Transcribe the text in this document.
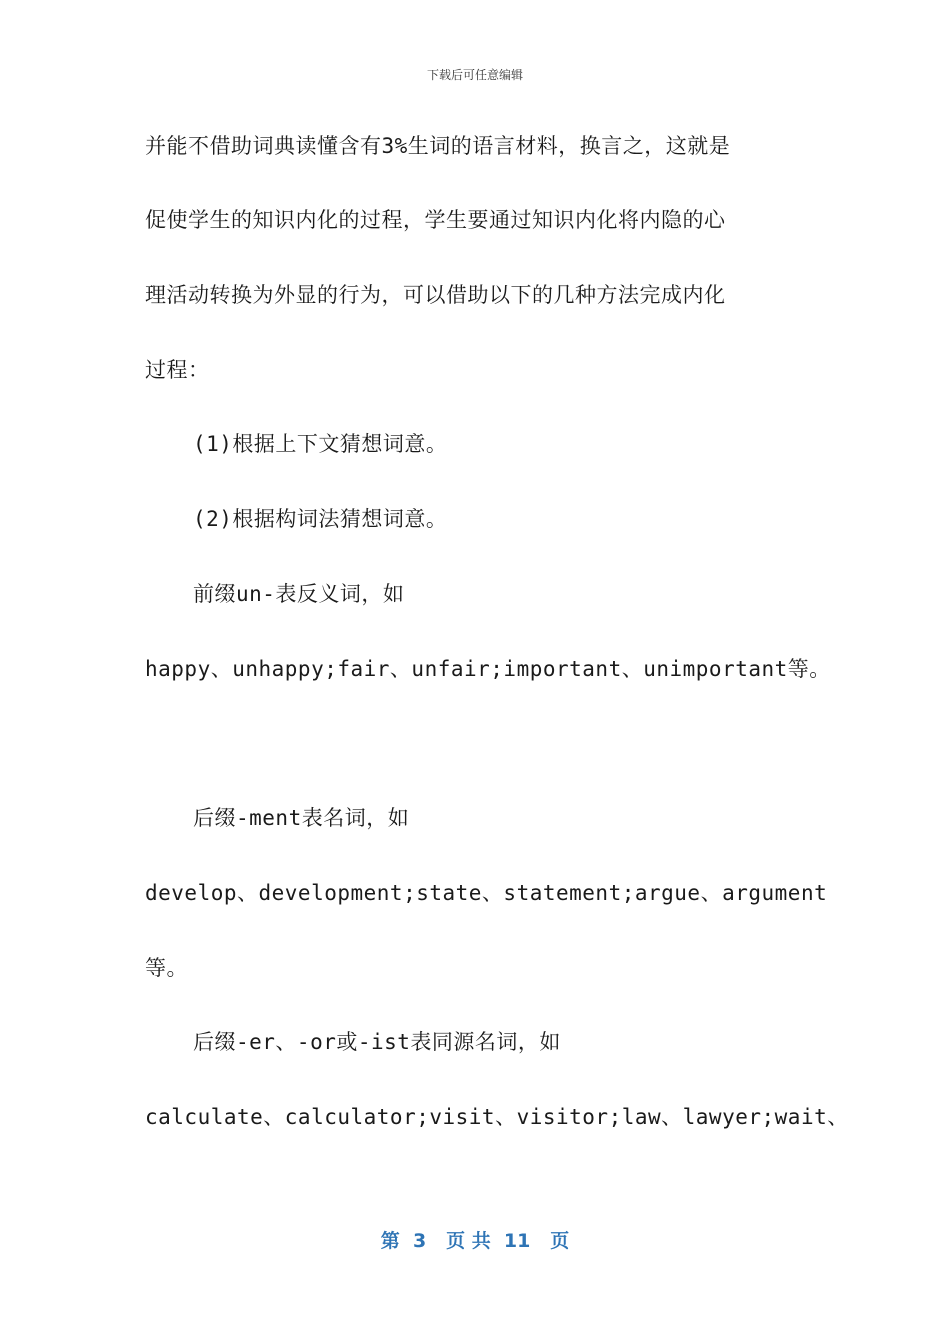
下载后可任意编辑
并能不借助词典读懂含有3%生词的语言材料，换言之，这就是
促使学生的知识内化的过程，学生要通过知识内化将内隐的心
理活动转换为外显的行为，可以借助以下的几种方法完成内化
过程：
(1)根据上下文猜想词意。
(2)根据构词法猜想词意。
前缀un-表反义词，如
happy、unhappy;fair、unfair;important、unimportant等。
后缀-ment表名词，如
develop、development;state、statement;argue、argument
等。
后缀-er、-or或-ist表同源名词，如
calculate、calculator;visit、visitor;law、lawyer;wait、
第  3   页 共  11   页
